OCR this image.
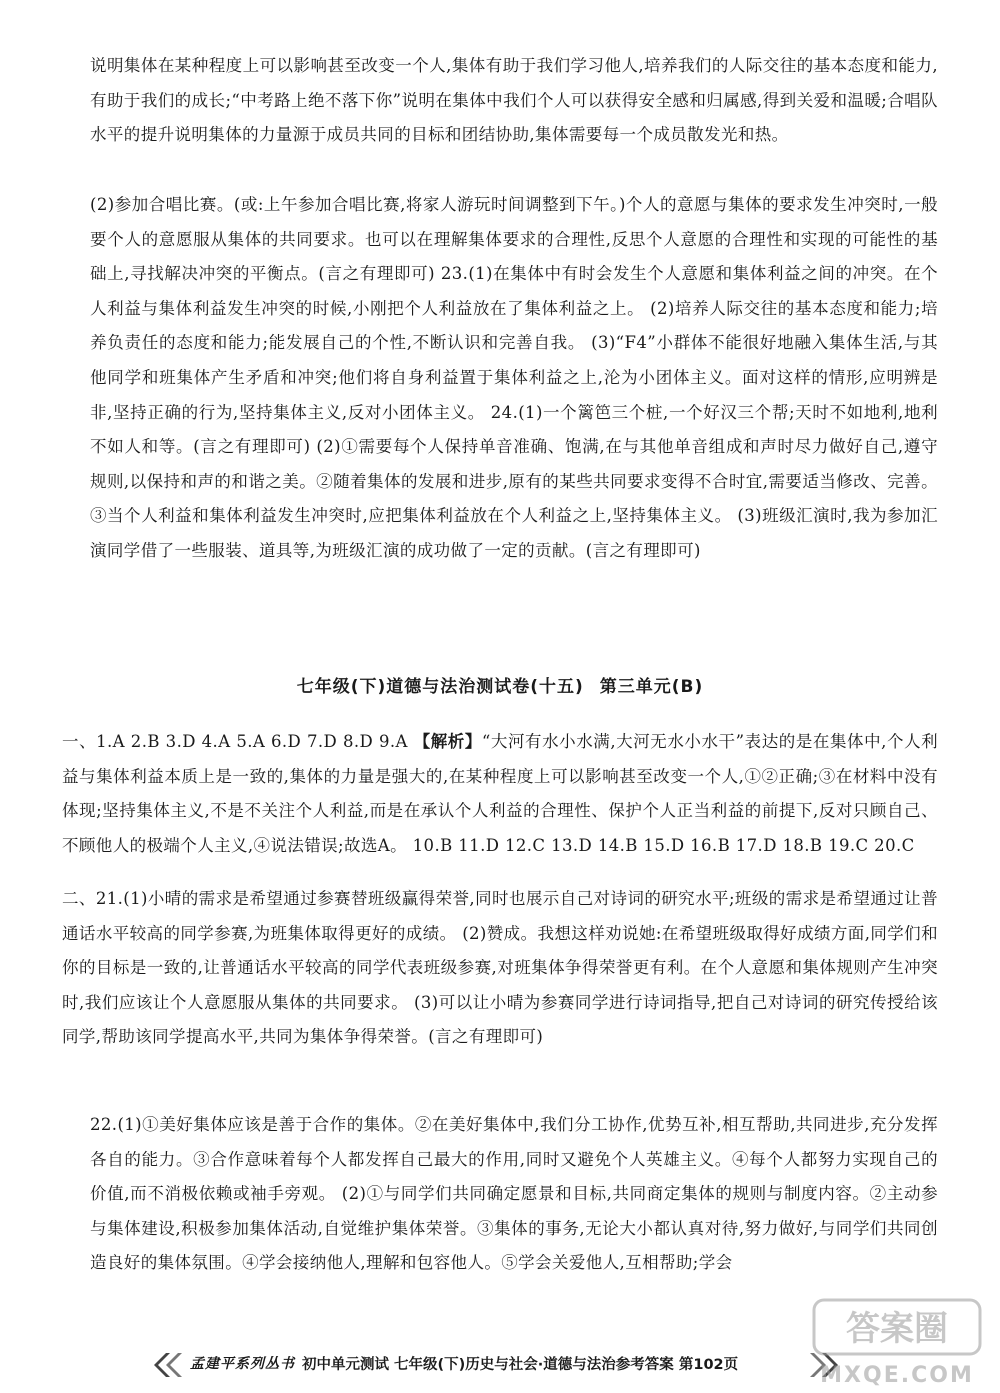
说明集体在某种程度上可以影响甚至改变一个人,集体有助于我们学习他人,培养我们的人际交往的基本态度和能力,有助于我们的成长;“中考路上绝不落下你”说明在集体中我们个人可以获得安全感和归属感,得到关爱和温暖;合唱队水平的提升说明集体的力量源于成员共同的目标和团结协助,集体需要每一个成员散发光和热。
(2)参加合唱比赛。(或:上午参加合唱比赛,将家人游玩时间调整到下午。)个人的意愿与集体的要求发生冲突时,一般要个人的意愿服从集体的共同要求。也可以在理解集体要求的合理性,反思个人意愿的合理性和实现的可能性的基础上,寻找解决冲突的平衡点。(言之有理即可) 23.(1)在集体中有时会发生个人意愿和集体利益之间的冲突。在个人利益与集体利益发生冲突的时候,小刚把个人利益放在了集体利益之上。 (2)培养人际交往的基本态度和能力;培养负责任的态度和能力;能发展自己的个性,不断认识和完善自我。 (3)“F4”小群体不能很好地融入集体生活,与其他同学和班集体产生矛盾和冲突;他们将自身利益置于集体利益之上,沦为小团体主义。面对这样的情形,应明辨是非,坚持正确的行为,坚持集体主义,反对小团体主义。 24.(1)一个篱笆三个桩,一个好汉三个帮;天时不如地利,地利不如人和等。(言之有理即可) (2)①需要每个人保持单音准确、饱满,在与其他单音组成和声时尽力做好自己,遵守规则,以保持和声的和谐之美。②随着集体的发展和进步,原有的某些共同要求变得不合时宜,需要适当修改、完善。③当个人利益和集体利益发生冲突时,应把集体利益放在个人利益之上,坚持集体主义。 (3)班级汇演时,我为参加汇演同学借了一些服装、道具等,为班级汇演的成功做了一定的贡献。(言之有理即可)
七年级(下)道德与法治测试卷(十五) 第三单元(B)
一、1.A 2.B 3.D 4.A 5.A 6.D 7.D 8.D 9.A 【解析】“大河有水小水满,大河无水小水干”表达的是在集体中,个人利益与集体利益本质上是一致的,集体的力量是强大的,在某种程度上可以影响甚至改变一个人,①②正确;③在材料中没有体现;坚持集体主义,不是不关注个人利益,而是在承认个人利益的合理性、保护个人正当利益的前提下,反对只顾自己、不顾他人的极端个人主义,④说法错误;故选A。 10.B 11.D 12.C 13.D 14.B 15.D 16.B 17.D 18.B 19.C 20.C
二、21.(1)小晴的需求是希望通过参赛替班级赢得荣誉,同时也展示自己对诗词的研究水平;班级的需求是希望通过让普通话水平较高的同学参赛,为班集体取得更好的成绩。 (2)赞成。我想这样劝说她:在希望班级取得好成绩方面,同学们和你的目标是一致的,让普通话水平较高的同学代表班级参赛,对班集体争得荣誉更有利。在个人意愿和集体规则产生冲突时,我们应该让个人意愿服从集体的共同要求。 (3)可以让小晴为参赛同学进行诗词指导,把自己对诗词的研究传授给该同学,帮助该同学提高水平,共同为集体争得荣誉。(言之有理即可)
22.(1)①美好集体应该是善于合作的集体。②在美好集体中,我们分工协作,优势互补,相互帮助,共同进步,充分发挥各自的能力。③合作意味着每个人都发挥自己最大的作用,同时又避免个人英雄主义。④每个人都努力实现自己的价值,而不消极依赖或袖手旁观。 (2)①与同学们共同确定愿景和目标,共同商定集体的规则与制度内容。②主动参与集体建设,积极参加集体活动,自觉维护集体荣誉。③集体的事务,无论大小都认真对待,努力做好,与同学们共同创造良好的集体氛围。④学会接纳他人,理解和包容他人。⑤学会关爱他人,互相帮助;学会
孟建平系列丛书 初中单元测试 七年级(下)历史与社会·道德与法治参考答案 第102页
答案圈
MXQE.COM
